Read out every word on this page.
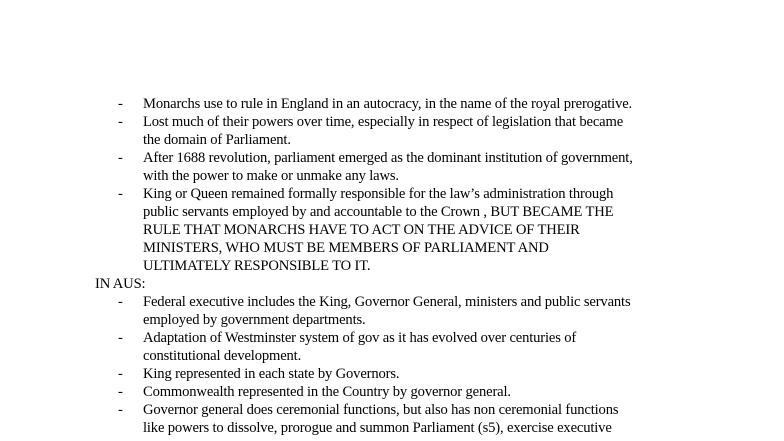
- Monarchs use to rule in England in an autocracy, in the name of the royal prerogative.
- Lost much of their powers over time, especially in respect of legislation that became
the domain of Parliament.
- After 1688 revolution, parliament emerged as the dominant institution of government,
with the power to make or unmake any laws.
- King or Queen remained formally responsible for the law’s administration through
public servants employed by and accountable to the Crown , BUT BECAME THE
RULE THAT MONARCHS HAVE TO ACT ON THE ADVICE OF THEIR
MINISTERS, WHO MUST BE MEMBERS OF PARLIAMENT AND
ULTIMATELY RESPONSIBLE TO IT.
IN AUS:
- Federal executive includes the King, Governor General, ministers and public servants
employed by government departments.
- Adaptation of Westminster system of gov as it has evolved over centuries of
constitutional development.
- King represented in each state by Governors.
- Commonwealth represented in the Country by governor general.
- Governor general does ceremonial functions, but also has non ceremonial functions
like powers to dissolve, prorogue and summon Parliament (s5), exercise executive
